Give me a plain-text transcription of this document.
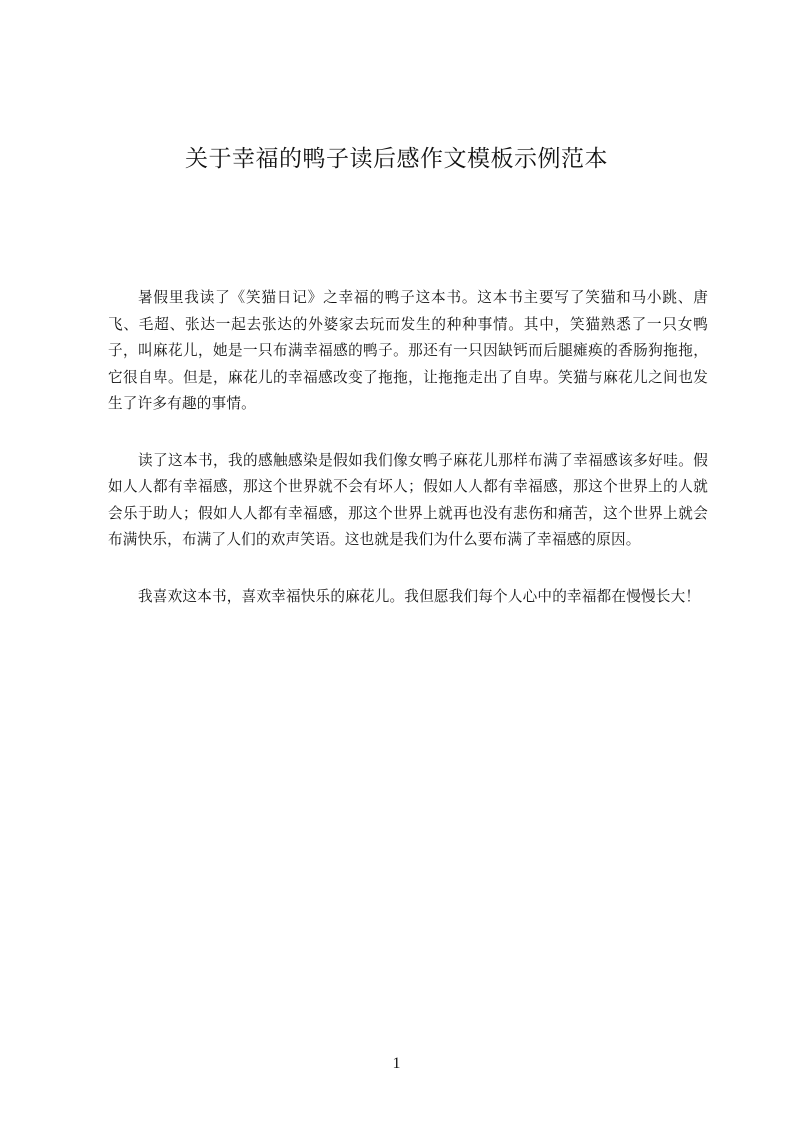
关于幸福的鸭子读后感作文模板示例范本

暑假里我读了《笑猫日记》之幸福的鸭子这本书。这本书主要写了笑猫和马小跳、唐飞、毛超、张达一起去张达的外婆家去玩而发生的种种事情。其中，笑猫熟悉了一只女鸭子，叫麻花儿，她是一只布满幸福感的鸭子。那还有一只因缺钙而后腿瘫痪的香肠狗拖拖，它很自卑。但是，麻花儿的幸福感改变了拖拖，让拖拖走出了自卑。笑猫与麻花儿之间也发生了许多有趣的事情。

读了这本书，我的感触感染是假如我们像女鸭子麻花儿那样布满了幸福感该多好哇。假如人人都有幸福感，那这个世界就不会有坏人；假如人人都有幸福感，那这个世界上的人就会乐于助人；假如人人都有幸福感，那这个世界上就再也没有悲伤和痛苦，这个世界上就会布满快乐，布满了人们的欢声笑语。这也就是我们为什么要布满了幸福感的原因。

我喜欢这本书，喜欢幸福快乐的麻花儿。我但愿我们每个人心中的幸福都在慢慢长大！

1
